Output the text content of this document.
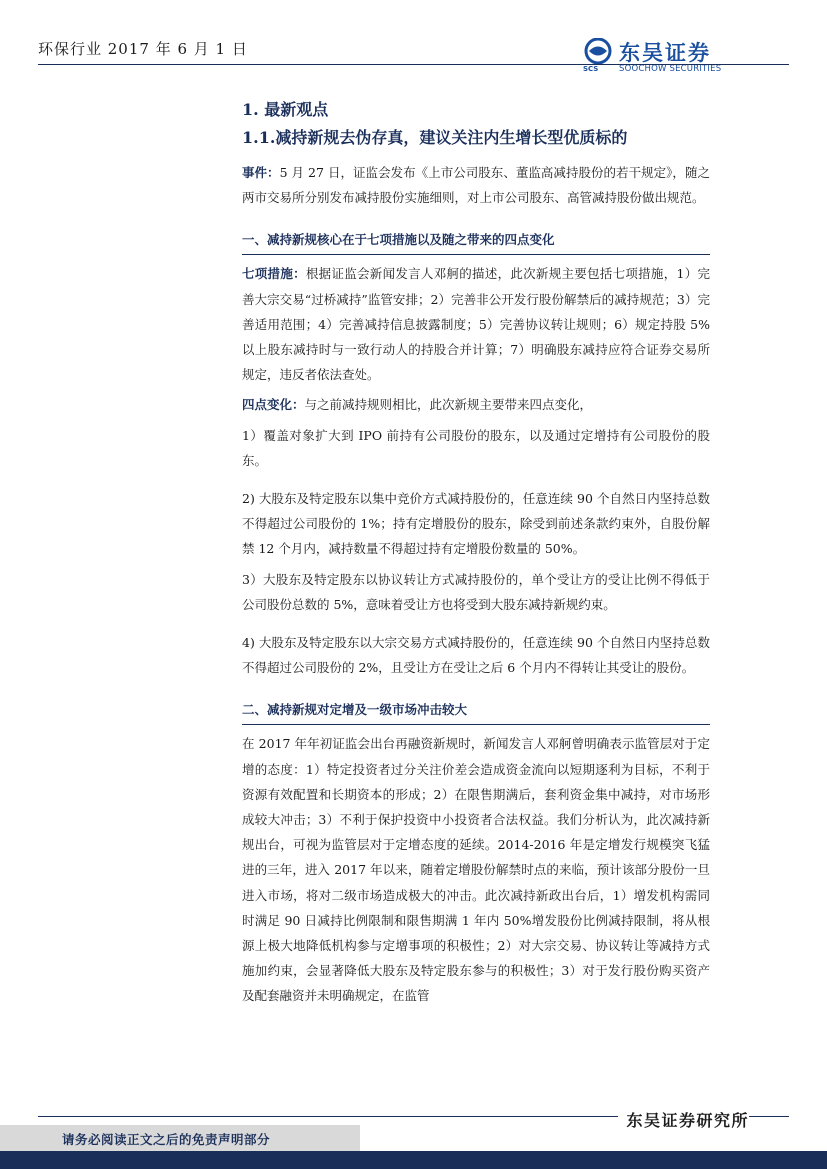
环保行业 2017 年 6 月 1 日
SCS
东吴证券
SOOCHOW SECURITIES
1. 最新观点
1.1.减持新规去伪存真，建议关注内生增长型优质标的

事件：5 月 27 日，证监会发布《上市公司股东、董监高减持股份的若干规定》，随之两市交易所分别发布减持股份实施细则，对上市公司股东、高管减持股份做出规范。

一、减持新规核心在于七项措施以及随之带来的四点变化

七项措施：根据证监会新闻发言人邓舸的描述，此次新规主要包括七项措施，1）完善大宗交易“过桥减持”监管安排；2）完善非公开发行股份解禁后的减持规范；3）完善适用范围；4）完善减持信息披露制度；5）完善协议转让规则；6）规定持股 5%以上股东减持时与一致行动人的持股合并计算；7）明确股东减持应符合证券交易所规定，违反者依法查处。

四点变化：与之前减持规则相比，此次新规主要带来四点变化，

1）覆盖对象扩大到 IPO 前持有公司股份的股东，以及通过定增持有公司股份的股东。

2) 大股东及特定股东以集中竞价方式减持股份的，任意连续 90 个自然日内坚持总数不得超过公司股份的 1%；持有定增股份的股东，除受到前述条款约束外，自股份解禁 12 个月内，减持数量不得超过持有定增股份数量的 50%。

3）大股东及特定股东以协议转让方式减持股份的，单个受让方的受让比例不得低于公司股份总数的 5%，意味着受让方也将受到大股东减持新规约束。

4) 大股东及特定股东以大宗交易方式减持股份的，任意连续 90 个自然日内坚持总数不得超过公司股份的 2%，且受让方在受让之后 6 个月内不得转让其受让的股份。

二、减持新规对定增及一级市场冲击较大

在 2017 年年初证监会出台再融资新规时，新闻发言人邓舸曾明确表示监管层对于定增的态度：1）特定投资者过分关注价差会造成资金流向以短期逐利为目标，不利于资源有效配置和长期资本的形成；2）在限售期满后，套利资金集中减持，对市场形成较大冲击；3）不利于保护投资中小投资者合法权益。我们分析认为，此次减持新规出台，可视为监管层对于定增态度的延续。2014-2016 年是定增发行规模突飞猛进的三年，进入 2017 年以来，随着定增股份解禁时点的来临，预计该部分股份一旦进入市场，将对二级市场造成极大的冲击。此次减持新政出台后，1）增发机构需同时满足 90 日减持比例限制和限售期满 1 年内 50%增发股份比例减持限制，将从根源上极大地降低机构参与定增事项的积极性；2）对大宗交易、协议转让等减持方式施加约束，会显著降低大股东及特定股东参与的积极性；3）对于发行股份购买资产及配套融资并未明确规定，在监管

东吴证券研究所
请务必阅读正文之后的免责声明部分
